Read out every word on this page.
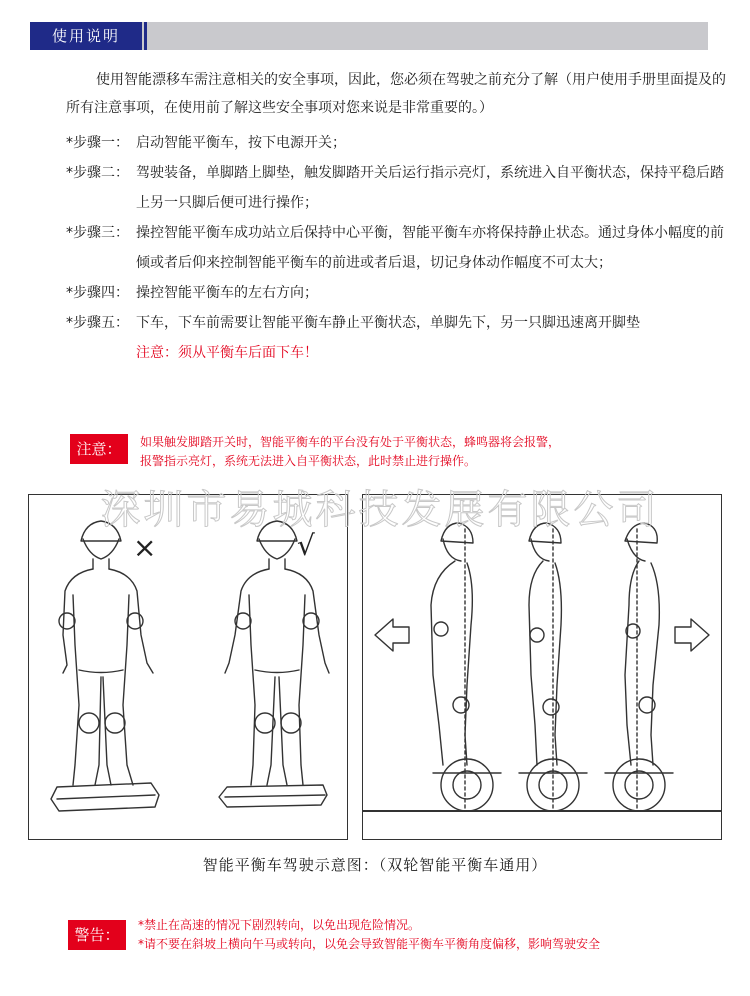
使用说明
使用智能漂移车需注意相关的安全事项，因此，您必须在驾驶之前充分了解（用户使用手册里面提及的所有注意事项，在使用前了解这些安全事项对您来说是非常重要的。）
*步骤一： 启动智能平衡车，按下电源开关；
*步骤二： 驾驶装备，单脚踏上脚垫，触发脚踏开关后运行指示亮灯，系统进入自平衡状态，保持平稳后踏上另一只脚后便可进行操作；
*步骤三： 操控智能平衡车成功站立后保持中心平衡，智能平衡车亦将保持静止状态。通过身体小幅度的前倾或者后仰来控制智能平衡车的前进或者后退，切记身体动作幅度不可太大；
*步骤四： 操控智能平衡车的左右方向；
*步骤五： 下车，下车前需要让智能平衡车静止平衡状态，单脚先下，另一只脚迅速离开脚垫
注意：须从平衡车后面下车！
注意：	如果触发脚踏开关时，智能平衡车的平台没有处于平衡状态，蜂鸣器将会报警，
报警指示亮灯，系统无法进入自平衡状态，此时禁止进行操作。
×	√
智能平衡车驾驶示意图：（双轮智能平衡车通用）
警告：
*禁止在高速的情况下剧烈转向，以免出现危险情况。
*请不要在斜坡上横向午马或转向，以免会导致智能平衡车平衡角度偏移，影响驾驶安全
